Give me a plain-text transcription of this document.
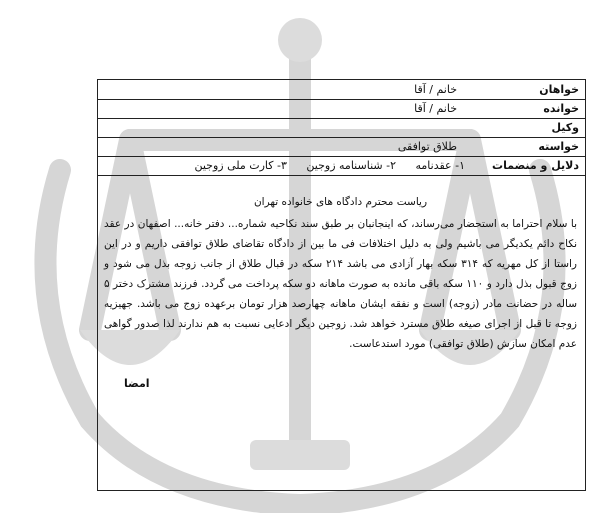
خواهان
خانم / آقا
خوانده
خانم / آقا
وکیل
خواسته
طلاق توافقی
دلایل و منضمات
۱- عقدنامه ۲- شناسنامه زوجین ۳- کارت ملی زوجین
ریاست محترم دادگاه های خانواده تهران

با سلام احتراما به استحضار می‌رساند، که اینجانبان بر طبق سند نکاحیه شماره... دفتر خانه... اصفهان در عقد نکاح دائم یکدیگر می باشیم ولی به دلیل اختلافات فی ما بین از دادگاه تقاضای طلاق توافقی داریم و در این راستا از کل مهریه که ۳۱۴ سکه بهار آزادی می باشد ۲۱۴ سکه در قبال طلاق از جانب زوجه بذل می شود و زوج قبول بذل دارد و ۱۱۰ سکه باقی مانده به صورت ماهانه دو سکه پرداخت می گردد. فرزند مشترک دختر ۵ ساله در حضانت مادر (زوجه) است و نفقه ایشان ماهانه چهارصد هزار تومان برعهده زوج می باشد. جهیزیه زوجه تا قبل از اجرای صیغه طلاق مسترد خواهد شد. زوجین دیگر ادعایی نسبت به هم ندارند لذا صدور گواهی عدم امکان سازش (طلاق توافقی) مورد استدعاست.

امضا
